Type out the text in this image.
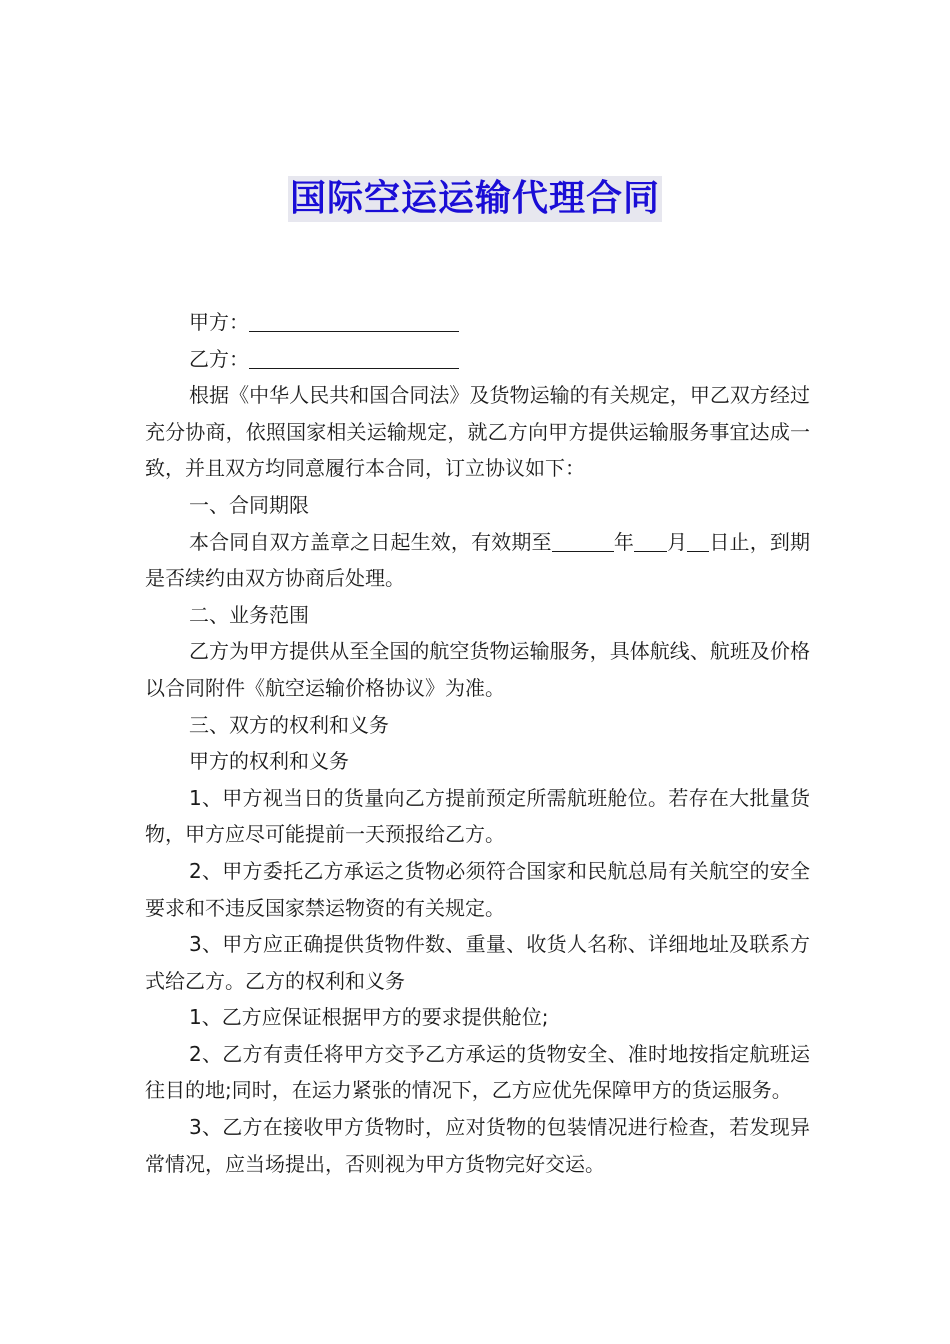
国际空运运输代理合同

甲方：

乙方：

根据《中华人民共和国合同法》及货物运输的有关规定，甲乙双方经过充分协商，依照国家相关运输规定，就乙方向甲方提供运输服务事宜达成一致，并且双方均同意履行本合同，订立协议如下：

一、合同期限

本合同自双方盖章之日起生效，有效期至	年 月 日止，到期是否续约由双方协商后处理。

二、业务范围

乙方为甲方提供从至全国的航空货物运输服务，具体航线、航班及价格以合同附件《航空运输价格协议》为准。

三、双方的权利和义务

甲方的权利和义务

1、甲方视当日的货量向乙方提前预定所需航班舱位。若存在大批量货物，甲方应尽可能提前一天预报给乙方。

2、甲方委托乙方承运之货物必须符合国家和民航总局有关航空的安全要求和不违反国家禁运物资的有关规定。

3、甲方应正确提供货物件数、重量、收货人名称、详细地址及联系方式给乙方。乙方的权利和义务

1、乙方应保证根据甲方的要求提供舱位;

2、乙方有责任将甲方交予乙方承运的货物安全、准时地按指定航班运往目的地;同时，在运力紧张的情况下，乙方应优先保障甲方的货运服务。

3、乙方在接收甲方货物时，应对货物的包装情况进行检查，若发现异常情况，应当场提出，否则视为甲方货物完好交运。
